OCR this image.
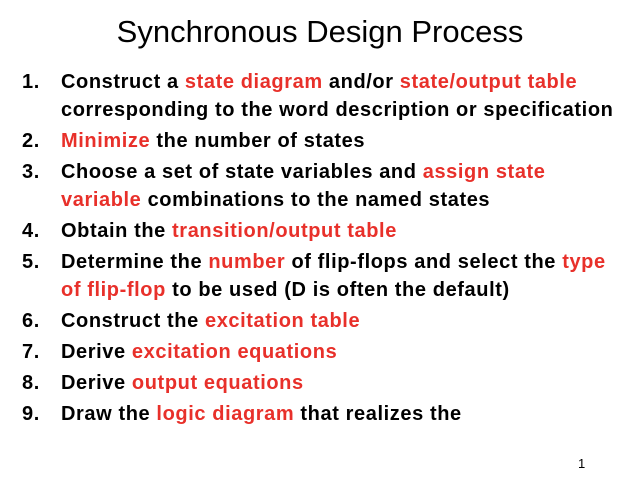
Synchronous Design Process
1.	Construct a state diagram and/or state/output table corresponding to the word description or specification
2.	Minimize the number of states
3.	Choose a set of state variables and assign state variable combinations to the named states
4.	Obtain the transition/output table
5.	Determine the number of flip-flops and select the type of flip-flop to be used (D is often the default)
6.	Construct the excitation table
7.	Derive excitation equations
8.	Derive output equations
9.	Draw the logic diagram that realizes the
1
